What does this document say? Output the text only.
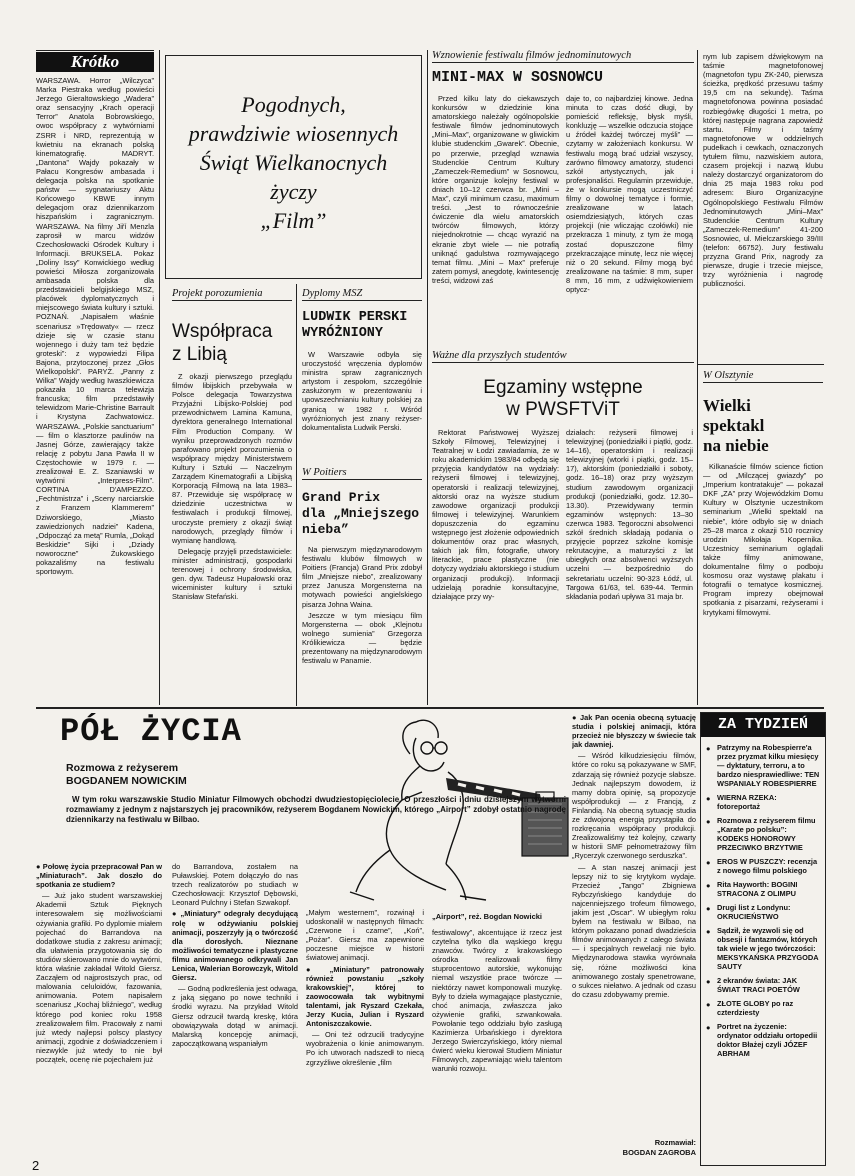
Krótko

WARSZAWA. Horror „Wilczyca” Marka Piestraka według powieści Jerzego Gieraltowskiego „Wadera” oraz sensacyjny „Krach operacji Terror” Anatola Bobrowskiego, owoc współpracy z wytwórniami ZSRR i NRD, reprezentują w kwietniu na ekranach polską kinematografię. MADRYT. „Dantona” Wajdy pokazały w Pałacu Kongresów ambasada i delegacja polska na spotkanie państw — sygnatariuszy Aktu Końcowego KBWE innym delegacjom oraz dziennikarzom hiszpańskim i zagranicznym. WARSZAWA. Na filmy Jiří Menzla zaprosił w marcu widzów Czechosłowacki Ośrodek Kultury i Informacji. BRUKSELA. Pokaz „Doliny Issy” Konwickiego według powieści Miłosza zorganizowała ambasada polska dla przedstawicieli belgijskiego MSZ, placówek dyplomatycznych i miejscowego świata kultury i sztuki. POZNAŃ. „Napisałem właśnie scenariusz »Trędowaty« — rzecz dzieje się w czasie stanu wojennego i duży tam też będzie groteski”: z wypowiedzi Filipa Bajona, przytoczonej przez „Głos Wielkopolski”. PARYŻ. „Panny z Wilka” Wajdy według Iwaszkiewicza pokazała 10 marca telewizja francuska; film przedstawiły telewidzom Marie-Christine Barrault i Krystyna Zachwatowicz. WARSZAWA. „Polskie sanctuarium” — film o klasztorze paulinów na Jasnej Górze, zawierający także relację z pobytu Jana Pawła II w Częstochowie w 1979 r. — zrealizował E. Z. Szaniawski w wytwórni „Interpress-Film”. CORTINA D'AMPEZZO. „Fechtmistrza” i „Sceny narciarskie z Franzem Klammerem” Dziworskiego, „Miasto zawiedzionych nadziei” Kadena, „Odpocząć za metą” Rumla, „Dokąd Beskidzie” Sijki i „Dziady noworoczne” Żukowskiego pokazaliśmy na festiwalu sportowym.

Pogodnych,
prawdziwie wiosennych
Świąt Wielkanocnych
życzy
„Film”
Projekt porozumienia
Współpraca
z Libią

Z okazji pierwszego przeglądu filmów libijskich przebywała w Polsce delegacja Towarzystwa Przyjaźni Libijsko-Polskiej pod przewodnictwem Lamina Kamuna, dyrektora generalnego International Film Production Company. W wyniku przeprowadzonych rozmów parafowano projekt porozumienia o współpracy między Ministerstwem Kultury i Sztuki — Naczelnym Zarządem Kinematografii a Libijską Korporacją Filmową na lata 1983–87. Przewiduje się współpracę w dziedzinie uczestnictwa w festiwalach i produkcji filmowej, uroczyste premiery z okazji świąt narodowych, przeglądy filmów i wymianę handlową.

Delegację przyjęli przedstawiciele: minister administracji, gospodarki terenowej i ochrony środowiska, gen. dyw. Tadeusz Hupałowski oraz wiceminister kultury i sztuki Stanisław Stefański.

Dyplomy MSZ
LUDWIK PERSKI
WYRÓŻNIONY

W Warszawie odbyła się uroczystość wręczenia dyplomów ministra spraw zagranicznych artystom i zespołom, szczególnie zasłużonym w prezentowaniu i upowszechnianiu kultury polskiej za granicą w 1982 r. Wśród wyróżnionych jest znany reżyser-dokumentalista Ludwik Perski.

W Poitiers
Grand Prix
dla „Mniejszego
nieba”

Na pierwszym międzynarodowym festiwalu klubów filmowych w Poitiers (Francja) Grand Prix zdobył film „Mniejsze niebo”, zrealizowany przez Janusza Morgensterna na motywach powieści angielskiego pisarza Johna Waina.

Jeszcze w tym miesiącu film Morgensterna — obok „Klejnotu wolnego sumienia” Grzegorza Królikiewicza — będzie prezentowany na międzynarodowym festiwalu w Panamie.

Wznowienie festiwalu filmów jednominutowych
MINI-MAX W SOSNOWCU

Przed kilku laty do ciekawszych konkursów w dziedzinie kina amatorskiego należały ogólnopolskie festiwale filmów jednominutowych „Mini–Max”, organizowane w gliwickim klubie studenckim „Gwarek”. Obecnie, po przerwie, przegląd wznawia Studenckie Centrum Kultury „Zameczek-Remedium” w Sosnowcu, które organizuje kolejny festiwal w dniach 10–12 czerwca br. „Mini – Max”, czyli minimum czasu, maximum treści. „Jest to równocześnie ćwiczenie dla wielu amatorskich twórców filmowych, którzy niejednokrotnie — chcąc wyrazić na ekranie zbyt wiele — nie potrafią uniknąć gadulstwa rozmywającego temat filmu. „Mini – Max” preferuje zatem pomysł, anegdotę, kwintesencję treści, widzowi zaś

daje to, co najbardziej kinowe. Jedna minuta to czas dość długi, by pomieścić refleksję, błysk myśli, konkluzję — wszelkie odczucia stojące u źródeł każdej twórczej myśli” — czytamy w założeniach konkursu. W festiwalu mogą brać udział wszyscy, zarówno filmowcy amatorzy, studenci szkół artystycznych, jak i profesjonaliści. Regulamin przewiduje, że w konkursie mogą uczestniczyć filmy o dowolnej tematyce i formie, zrealizowane w latach osiemdziesiątych, których czas projekcji (nie wliczając czołówki) nie przekracza 1 minuty, z tym że mogą zostać dopuszczone filmy przekraczające minutę, lecz nie więcej niż o 20 sekund. Filmy mogą być zrealizowane na taśmie: 8 mm, super 8 mm, 16 mm, z udźwiękowieniem optycz-

nym lub zapisem dźwiękowym na taśmie magnetofonowej (magnetofon typu ZK-240, pierwsza ścieżka, prędkość przesuwu taśmy 19,5 cm na sekundę). Taśma magnetofonowa powinna posiadać rozbiegówkę długości 1 metra, po której następuje nagrana zapowiedź startu. Filmy i taśmy magnetofonowe w oddzielnych pudełkach i cewkach, oznaczonych tytułem filmu, nazwiskiem autora, czasem projekcji i nazwą klubu należy dostarczyć organizatorom do dnia 25 maja 1983 roku pod adresem: Biuro Organizacyjne Ogólnopolskiego Festiwalu Filmów Jednominutowych „Mini–Max” Studenckie Centrum Kultury „Zameczek-Remedium” 41-200 Sosnowiec, ul. Mielczarskiego 39/III (telefon: 66752). Jury festiwalu przyzna Grand Prix, nagrody za pierwsze, drugie i trzecie miejsce, trzy wyróżnienia i nagrodę publiczności.

Ważne dla przyszłych studentów
Egzaminy wstępne
w PWSFTViT

Rektorat Państwowej Wyższej Szkoły Filmowej, Telewizyjnej i Teatralnej w Łodzi zawiadamia, że w roku akademickim 1983/84 odbędą się przyjęcia kandydatów na wydziały: reżyserii filmowej i telewizyjnej, operatorski i realizacji telewizyjnej, aktorski oraz na wyższe studium zawodowe organizacji produkcji filmowej i telewizyjnej. Warunkiem dopuszczenia do egzaminu wstępnego jest złożenie odpowiednich dokumentów oraz prac własnych, takich jak film, fotografie, utwory literackie, prace plastyczne (nie dotyczy wydziału aktorskiego i studium organizacji produkcji). Informacji udzielają poradnie konsultacyjne, działające przy wy-

działach: reżyserii filmowej i telewizyjnej (poniedziałki i piątki, godz. 14–16), operatorskim i realizacji telewizyjnej (wtorki i piątki, godz. 15–17), aktorskim (poniedziałki i soboty, godz. 16–18) oraz przy wyższym studium zawodowym organizacji produkcji (poniedziałki, godz. 12.30–13.30). Przewidywany termin egzaminów wstępnych: 13–30 czerwca 1983. Tegoroczni absolwenci szkół średnich składają podania o przyjęcie poprzez szkolne komisje rekrutacyjne, a maturzyści z lat ubiegłych oraz absolwenci wyższych uczelni — bezpośrednio do sekretariatu uczelni: 90-323 Łódź, ul. Targowa 61/63, tel. 639-44. Termin składania podań upływa 31 maja br.

W Olsztynie
Wielki
spektakl
na niebie

Kilkanaście filmów science fiction — od „Milczącej gwiazdy” po „Imperium kontratakuje” — pokazał DKF „ZA” przy Wojewódzkim Domu Kultury w Olsztynie uczestnikom seminarium „Wielki spektakl na niebie”, które odbyło się w dniach 25–28 marca z okazji 510 rocznicy urodzin Mikołaja Kopernika. Uczestnicy seminarium oglądali także filmy animowane, dokumentalne filmy o podboju kosmosu oraz wystawę plakatu i fotografii o tematyce kosmicznej. Program imprezy obejmował spotkania z pisarzami, reżyserami i krytykami filmowymi.

PÓŁ ŻYCIA
Rozmowa z reżyserem
BOGDANEM NOWICKIM

W tym roku warszawskie Studio Miniatur Filmowych obchodzi dwudziestopięciolecie. O przeszłości i dniu dzisiejszym wytwórni rozmawiamy z jednym z najstarszych jej pracowników, reżyserem Bogdanem Nowickim, którego „Airport” zdobył ostatnio nagrodę dziennikarzy na festiwalu w Bilbao.

● Połowę życia przepracował Pan w „Miniaturach”. Jak doszło do spotkania ze studiem?

— Już jako student warszawskiej Akademii Sztuk Pięknych interesowałem się możliwościami ożywiania grafiki. Po dyplomie miałem pojechać do Barrandova na dodatkowe studia z zakresu animacji; dla ułatwienia przygotowania się do studiów skierowano mnie do wytwórni, która właśnie zakładał Witold Giersz. Zacząłem od najprostszych prac, od malowania celuloidów, fazowania, animowania. Potem napisałem scenariusz „Kochaj bliźniego”, według którego pod koniec roku 1958 zrealizowałem film. Pracowały z nami już wtedy najlepsi polscy plastycy animacji, zgodnie z doświadczeniem i niezwykle już wtedy to nie był początek, ocenę nie pojechałem już

do Barrandova, zostałem na Puławskiej. Potem dołączyło do nas trzech realizatorów po studiach w Czechosłowacji: Krzysztof Dębowski, Leonard Pulchny i Stefan Szwakopf.

● „Miniatury” odegrały decydującą rolę w odżywianiu polskiej animacji, poszerzyły ją o twórczość dla dorosłych. Nieznane możliwości tematyczne i plastyczne filmu animowanego odkrywali Jan Lenica, Walerian Borowczyk, Witold Giersz.

— Godną podkreślenia jest odwaga, z jaką sięgano po nowe techniki i środki wyrazu. Na przykład Witold Giersz odrzucił twardą kreskę, która obowiązywała dotąd w animacji. Malarską koncepcję animacji, zapoczątkowaną wspaniałym

„Małym westernem”, rozwinął i udoskonalił w następnych filmach: „Czerwone i czarne”, „Koń”, „Pożar”. Giersz ma zapewnione poczesne miejsce w historii światowej animacji.

● „Miniatury” patronowały również powstaniu „szkoły krakowskiej”, której to zaowocowała tak wybitnymi talentami, jak Ryszard Czekała, Jerzy Kucia, Julian i Ryszard Antoniszczakowie.

— Oni też odrzucili tradycyjne wyobrażenia o kinie animowanym. Po ich utworach nadszedł to niecą zgrzyźliwe określenie „film

„Airport”, reż. Bogdan Nowicki

festiwalowy”, akcentujące iż rzecz jest czytelna tylko dla wąskiego kręgu znawców. Twórcy z krakowskiego ośrodka realizowali filmy stuprocentowo autorskie, wykonując niemal wszystkie prace twórcze — niektórzy nawet komponowali muzykę. Były to dzieła wymagające plastycznie, choć animacja, zwłaszcza jako ożywienie grafiki, szwankowała. Powołanie tego oddziału było zasługą Kazimierza Urbańskiego i dyrektora Jerzego Swierczyńskiego, który niemal ćwierć wieku kierował Studiem Miniatur Filmowych, zapewniając wielu talentom warunki rozwoju.

● Jak Pan ocenia obecną sytuację studia i polskiej animacji, która przecież nie błyszczy w świecie tak jak dawniej.

— Wśród kilkudziesięciu filmów, które co roku są pokazywane w SMF, zdarzają się również pozycje słabsze. Jednak najlepszym dowodem, iż mamy dobra opinię, są propozycje współprodukcji — z Francją, z Finlandią. Na obecną sytuację studia ze zdwojoną energią przystąpiła do rozkręcania współpracy produkcji. Zrealizowaliśmy też kolejny, czwarty w historii SMF pełnometrażowy film „Rycerzyk czerwonego serduszka”.

— A stan naszej animacji jest lepszy niż to się krytykom wydaje. Przecież „Tango” Zbigniewa Rybczyńskiego kandyduje do najcenniejszego trofeum filmowego, jakim jest „Oscar”. W ubiegłym roku byłem na festiwalu w Bilbao, na którym pokazano ponad dwadzieścia filmów animowanych z całego świata — i specjalnych rewelacji nie było. Międzynarodowa stawka wyrównała się, różne możliwości kina animowanego zostały spenetrowane, o sukces niełatwo. A jednak od czasu do czasu zdobywamy premie.

Rozmawiał:
BOGDAN ZAGROBA
ZA TYDZIEŃ
● Patrzymy na Robespierre'a przez pryzmat kilku miesięcy — dyktatury, terroru, a to bardzo niesprawiedliwe: TEN WSPANIAŁY ROBESPIERRE
● WIERNA RZEKA: fotoreportaż
● Rozmowa z reżyserem filmu „Karate po polsku”: KODEKS HONOROWY PRZECIWKO BRZYTWIE
● EROS W PUSZCZY: recenzja z nowego filmu polskiego
● Rita Hayworth: BOGINI STRACONA Z OLIMPU
● Drugi list z Londynu: OKRUCIEŃSTWO
● Sądził, że wyzwoli się od obsesji i fantazmów, których tak wiele w jego twórczości: MEKSYKAŃSKA PRZYGODA SAUTY
● 2 ekranów świata: JAK ŚWIAT TRACI POETÓW
● ZŁOTE GLOBY po raz czterdziesty
● Portret na życzenie: ordynator oddziału ortopedii doktor Błażej czyli JÓZEF ABRHAM
2
